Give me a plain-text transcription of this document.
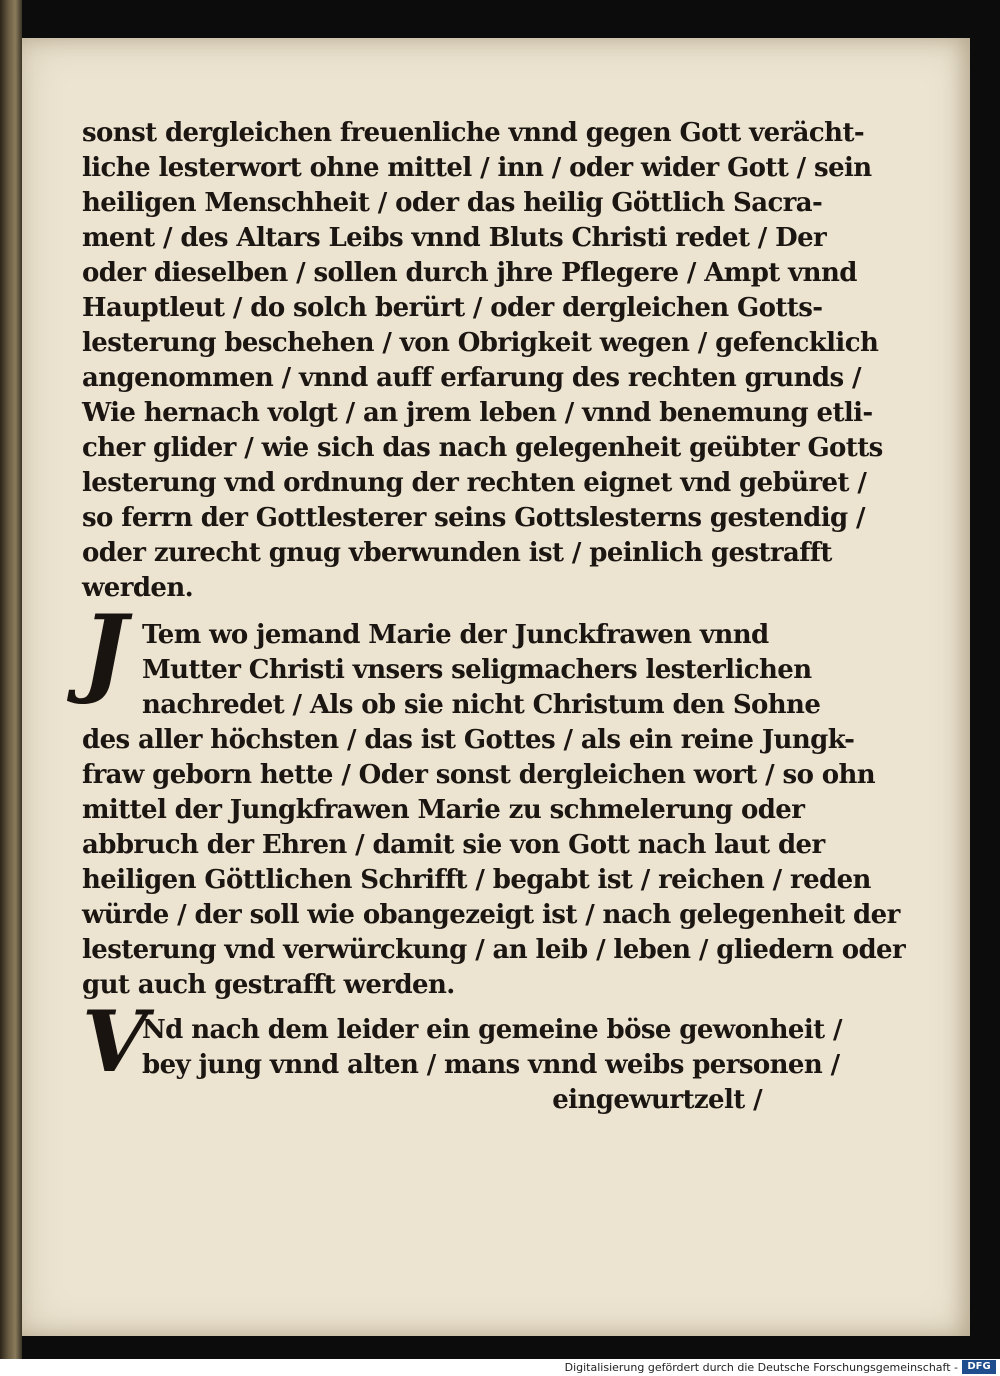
sonst dergleichen freuenliche vnnd gegen Gott verächt-
liche lesterwort ohne mittel / inn / oder wider Gott / sein
heiligen Menschheit / oder das heilig Göttlich Sacra-
ment / des Altars Leibs vnnd Bluts Christi redet / Der
oder dieselben / sollen durch jhre Pflegere / Ampt vnnd
Hauptleut / do solch berürt / oder dergleichen Gotts-
lesterung beschehen / von Obrigkeit wegen / gefencklich
angenommen / vnnd auff erfarung des rechten grunds /
Wie hernach volgt / an jrem leben / vnnd benemung etli-
cher glider / wie sich das nach gelegenheit geübter Gotts
lesterung vnd ordnung der rechten eignet vnd gebüret /
so ferrn der Gottlesterer seins Gottslesterns gestendig /
oder zurecht gnug vberwunden ist / peinlich gestrafft
werden.
J Tem wo jemand Marie der Junckfrawen vnnd
Mutter Christi vnsers seligmachers lesterlichen
nachredet / Als ob sie nicht Christum den Sohne
des aller höchsten / das ist Gottes / als ein reine Jungk-
fraw geborn hette / Oder sonst dergleichen wort / so ohn
mittel der Jungkfrawen Marie zu schmelerung oder
abbruch der Ehren / damit sie von Gott nach laut der
heiligen Göttlichen Schrifft / begabt ist / reichen / reden
würde / der soll wie obangezeigt ist / nach gelegenheit der
lesterung vnd verwürckung / an leib / leben / gliedern oder
gut auch gestrafft werden.
V
Nd nach dem leider ein gemeine böse gewonheit /
bey jung vnnd alten / mans vnnd weibs personen /
eingewurtzelt /
Digitalisierung gefördert durch die Deutsche Forschungsgemeinschaft - DFG
